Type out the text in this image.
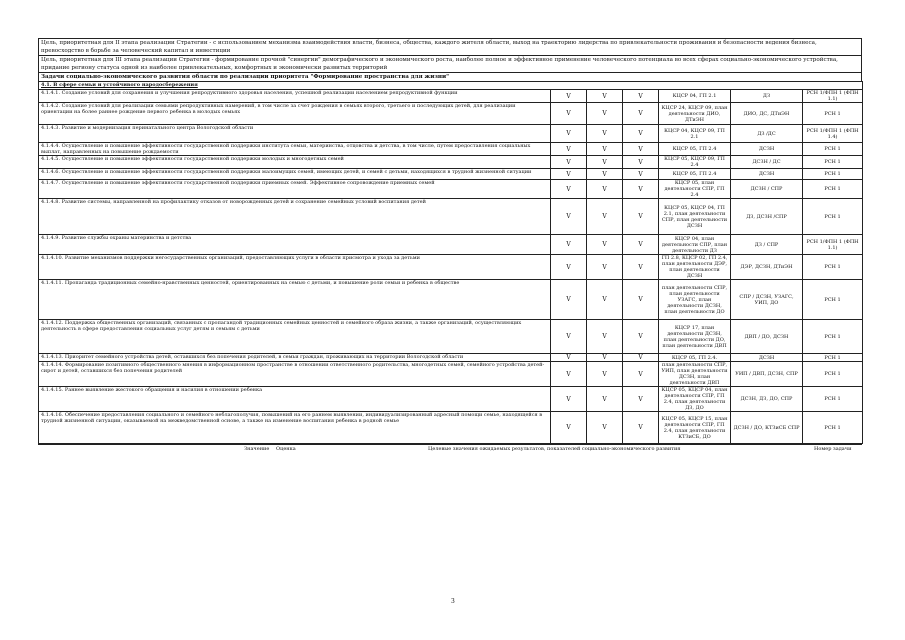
Цель, приоритетная для II этапа реализации Стратегии - с использованием механизма взаимодействия власти, бизнеса, общества, каждого жителя области, выход на траекторию лидерства по привлекательности проживания и безопасности ведения бизнеса, превосходство в борьбе за человеческий капитал и инвестиции
Цель, приоритетная для III этапа реализации Стратегии - формирование прочной "синергии" демографического и экономического роста, наиболее полное и эффективное применение человеческого потенциала во всех сферах социально-экономического устройства, придание региону статуса одной из наиболее привлекательных, комфортных и экономически развитых территорий
Задачи социально-экономического развития области по реализации приоритета "Формирование пространства для жизни"
4.1. В сфере семьи и устойчивого народосбережения						
4.1.4.1. Создание условий для сохранения и улучшения репродуктивного здоровья населения, успешной реализации населением репродуктивной функции	V	V	V	КЦСР 04, ГП 2.1	ДЗ	РСН 1/ФПН 1 (ФПН 1.1)
4.1.4.2. Создание условий для реализации семьями репродуктивных намерений, в том числе за счет рождения в семьях второго, третьего и последующих детей, для реализации ориентации на более раннее рождение первого ребенка в молодых семьях	V	V	V	КЦСР 24, КЦСР 09, план деятельности ДИО, ДТиЭН	ДИО, ДС, ДТиЭН	РСН 1
4.1.4.3. Развитие и модернизация перинатального центра Вологодской области	V	V	V	КЦСР 04, КЦСР 09, ГП 2.1	ДЗ /ДС	РСН 1/ФПН 1 (ФПН 1.4)
4.1.4.4. Осуществление и повышение эффективности государственной поддержки института семьи, материнства, отцовства и детства, в том числе, путем предоставления социальных выплат, направленных на повышение рождаемости	V	V	V	КЦСР 05, ГП 2.4	ДСЗН	РСН 1
4.1.4.5. Осуществление и повышение эффективности государственной поддержки молодых и многодетных семей	V	V	V	КЦСР 05, КЦСР 09, ГП 2.4	ДСЗН / ДС	РСН 1
4.1.4.6. Осуществление и повышение эффективности государственной поддержки малоимущих семей, имеющих детей, и семей с детьми, находящихся в трудной жизненной ситуации	V	V	V	КЦСР 05, ГП 2.4	ДСЗН	РСН 1
4.1.4.7. Осуществление и повышение эффективности государственной поддержки приемных семей. Эффективное сопровождение приемных семей	V	V	V	КЦСР 05, план деятельности СПР, ГП 2.4	ДСЗН / СПР	РСН 1
4.1.4.8. Развитие системы, направленной на профилактику отказов от новорожденных детей и сохранение семейных условий воспитания детей	V	V	V	КЦСР 05, КЦСР 04, ГП 2.1, план деятельности СПР, план деятельности ДСЗН	ДЗ, ДСЗН /СПР	РСН 1
4.1.4.9. Развитие службы охраны материнства и детства	V	V	V	КЦСР 04, план деятельности СПР, план деятельности ДЗ	ДЗ / СПР	РСН 1/ФПН 1 (ФПН 1.1)
4.1.4.10. Развитие механизмов поддержки негосударственных организаций, предоставляющих услуги в области присмотра и ухода за детьми	V	V	V	ГП 2.8, КЦСР 02, ГП 2.4, план деятельности ДЭР, план деятельности ДСЗН	ДЭР, ДСЗН, ДТиЭН	РСН 1
4.1.4.11. Пропаганда традиционных семейно-нравственных ценностей, ориентированных на семью с детьми, и повышение роли семьи и ребенка в обществе	V	V	V	план деятельности СПР, план деятельности УЗАГС, план деятельности ДСЗН, план деятельности ДО	СПР / ДСЗН, УЗАГС, УИП, ДО	РСН 1
4.1.4.12. Поддержка общественных организаций, связанных с пропагандой традиционных семейных ценностей и семейного образа жизни, а также организаций, осуществляющих деятельность в сфере предоставления социальных услуг детям и семьям с детьми	V	V	V	КЦСР 17, план деятельности ДСЗН, план деятельности ДО, план деятельности ДВП	ДВП / ДО, ДСЗН	РСН 1
4.1.4.13. Приоритет семейного устройства детей, оставшихся без попечения родителей, в семьи граждан, проживающих на территории Вологодской области	V	V	V	КЦСР 05, ГП 2.4.	ДСЗН	РСН 1
4.1.4.14. Формирование позитивного общественного мнения в информационном пространстве в отношении ответственного родительства, многодетных семей, семейного устройства детей-сирот и детей, оставшихся без попечения родителей	V	V	V	план деятельности СПР, УИП, план деятельности ДСЗН, план деятельности ДВП	УИП / ДВП, ДСЗН, СПР	РСН 1
4.1.4.15. Раннее выявление жестокого обращения и насилия в отношении ребенка	V	V	V	КЦСР 05, КЦСР 04, план деятельности СПР, ГП 2.4, план деятельности ДЗ, ДО	ДСЗН, ДЗ, ДО, СПР	РСН 1
4.1.4.16. Обеспечение предоставления социального и семейного неблагополучия, повышений на его раннем выявлении, индивидуализированный адресный помощи семье, находящейся в трудной жизненной ситуации, оказываемой на межведомственной основе, а также на изменение воспитания ребенка в родной семье	V	V	V	КЦСР 05, КЦСР 15, план деятельности СПР, ГП 2.4, план деятельности КТЗиСБ, ДО	ДСЗН / ДО, КТЗиСБ СПР	РСН 1
Значение Оценка	Целевые значения ожидаемых результатов, показателей социально-экономического развития	Номер задачи
3
